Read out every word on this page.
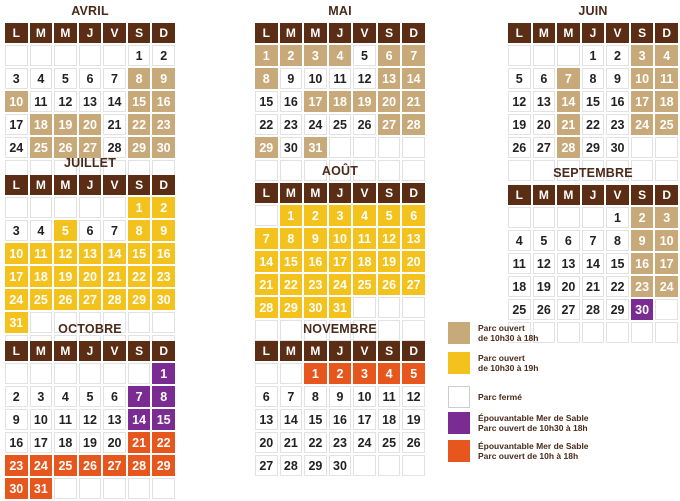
AVRIL
L	M	M	J	V	S	D
					1	2
3	4	5	6	7	8	9
10	11	12	13	14	15	16
17	18	19	20	21	22	23
24	25	26	27	28	29	30

MAI
L	M	M	J	V	S	D
1	2	3	4	5	6	7
8	9	10	11	12	13	14
15	16	17	18	19	20	21
22	23	24	25	26	27	28
29	30	31				

JUIN
L	M	M	J	V	S	D
			1	2	3	4
5	6	7	8	9	10	11
12	13	14	15	16	17	18
19	20	21	22	23	24	25
26	27	28	29	30		

JUILLET
L	M	M	J	V	S	D
					1	2
3	4	5	6	7	8	9
10	11	12	13	14	15	16
17	18	19	20	21	22	23
24	25	26	27	28	29	30
31						

AOÛT
L	M	M	J	V	S	D
	1	2	3	4	5	6
7	8	9	10	11	12	13
14	15	16	17	18	19	20
21	22	23	24	25	26	27
28	29	30	31			

SEPTEMBRE
L	M	M	J	V	S	D
				1	2	3
4	5	6	7	8	9	10
11	12	13	14	15	16	17
18	19	20	21	22	23	24
25	26	27	28	29	30	

OCTOBRE
L	M	M	J	V	S	D
						1
2	3	4	5	6	7	8
9	10	11	12	13	14	15
16	17	18	19	20	21	22
23	24	25	26	27	28	29
30	31					
NOVEMBRE
L	M	M	J	V	S	D
		1	2	3	4	5
6	7	8	9	10	11	12
13	14	15	16	17	18	19
20	21	22	23	24	25	26
27	28	29	30			
Parc ouvert
de 10h30 à 18h
Parc ouvert
de 10h30 à 19h
Parc fermé
Épouvantable Mer de Sable
Parc ouvert de 10h30 à 18h
Épouvantable Mer de Sable
Parc ouvert de 10h à 18h
